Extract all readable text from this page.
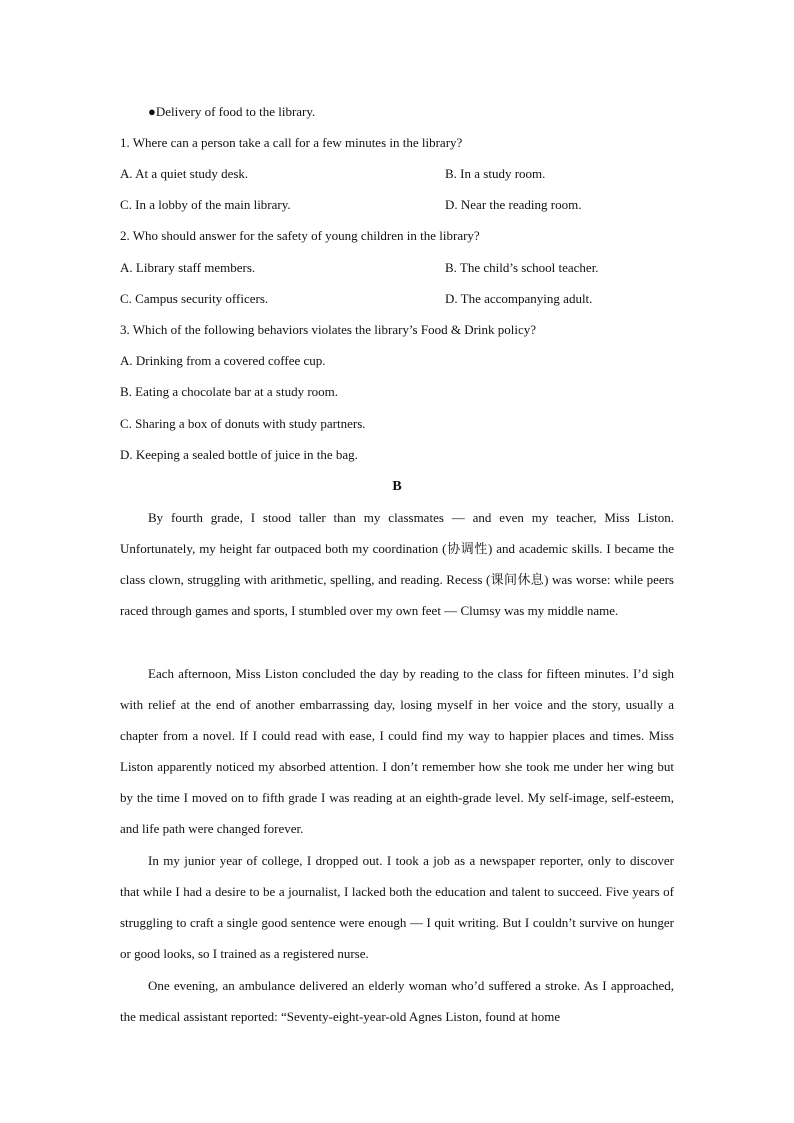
●Delivery of food to the library.
1. Where can a person take a call for a few minutes in the library?
A. At a quiet study desk.	B. In a study room.
C. In a lobby of the main library.	D. Near the reading room.
2. Who should answer for the safety of young children in the library?
A. Library staff members.	B. The child’s school teacher.
C. Campus security officers.	D. The accompanying adult.
3. Which of the following behaviors violates the library’s Food & Drink policy?
A. Drinking from a covered coffee cup.
B. Eating a chocolate bar at a study room.
C. Sharing a box of donuts with study partners.
D. Keeping a sealed bottle of juice in the bag.
B

By fourth grade, I stood taller than my classmates — and even my teacher, Miss Liston. Unfortunately, my height far outpaced both my coordination (协调性) and academic skills. I became the class clown, struggling with arithmetic, spelling, and reading. Recess (课间休息) was worse: while peers raced through games and sports, I stumbled over my own feet — Clumsy was my middle name.

Each afternoon, Miss Liston concluded the day by reading to the class for fifteen minutes. I’d sigh with relief at the end of another embarrassing day, losing myself in her voice and the story, usually a chapter from a novel. If I could read with ease, I could find my way to happier places and times. Miss Liston apparently noticed my absorbed attention. I don’t remember how she took me under her wing but by the time I moved on to fifth grade I was reading at an eighth-grade level. My self-image, self-esteem, and life path were changed forever.

In my junior year of college, I dropped out. I took a job as a newspaper reporter, only to discover that while I had a desire to be a journalist, I lacked both the education and talent to succeed. Five years of struggling to craft a single good sentence were enough — I quit writing. But I couldn’t survive on hunger or good looks, so I trained as a registered nurse.

One evening, an ambulance delivered an elderly woman who’d suffered a stroke. As I approached, the medical assistant reported: “Seventy-eight-year-old Agnes Liston, found at home
